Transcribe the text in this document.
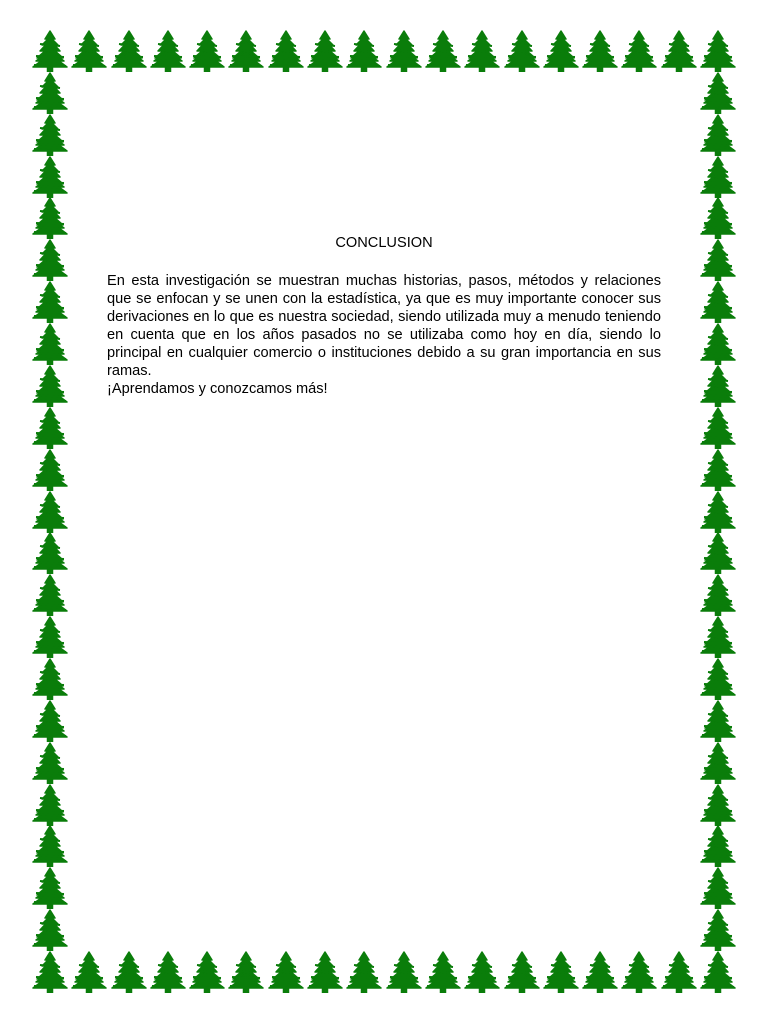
CONCLUSION

En esta investigación se muestran muchas historias, pasos, métodos y relaciones que se enfocan y se unen con la estadística, ya que es muy importante conocer sus derivaciones en lo que es nuestra sociedad, siendo utilizada muy a menudo teniendo en cuenta que en los años pasados no se utilizaba como hoy en día, siendo lo principal en cualquier comercio o instituciones debido a su gran importancia en sus ramas.

¡Aprendamos y conozcamos más!
